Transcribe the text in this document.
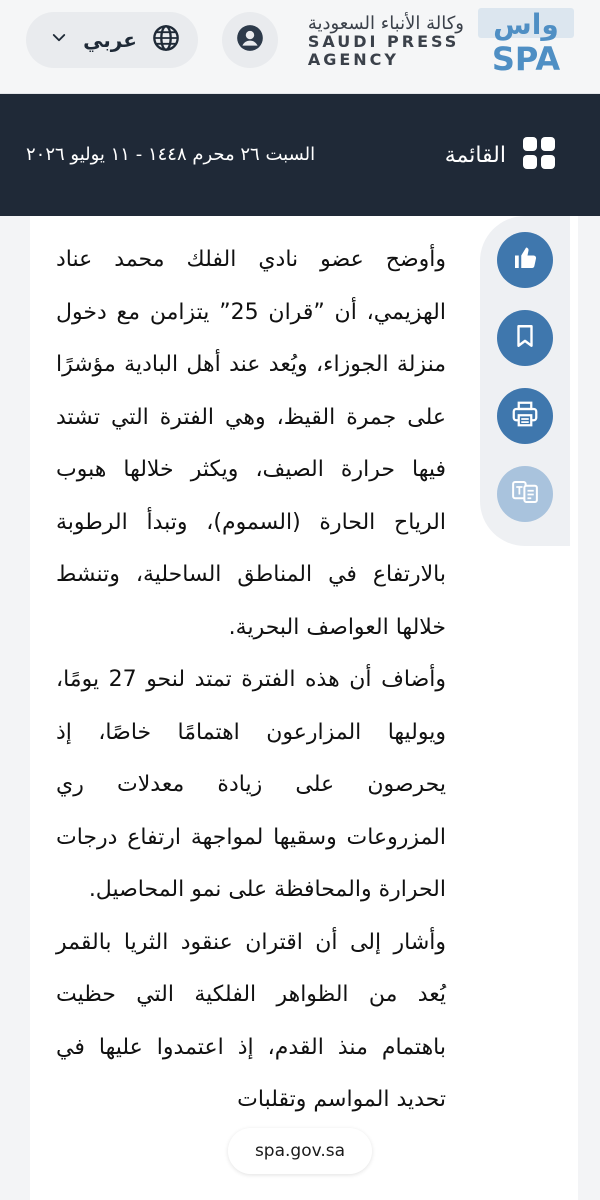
عربي
وكالة الأنباء السعودية
SAUDI PRESS
AGENCY
واس
SPA
القائمة
السبت ٢٦ محرم ١٤٤٨ - ١١ يوليو ٢٠٢٦

وأوضح عضو نادي الفلك محمد عناد الهزيمي، أن ”قران 25” يتزامن مع دخول منزلة الجوزاء، ويُعد عند أهل البادية مؤشرًا على جمرة القيظ، وهي الفترة التي تشتد فيها حرارة الصيف، ويكثر خلالها هبوب الرياح الحارة (السموم)، وتبدأ الرطوبة بالارتفاع في المناطق الساحلية، وتنشط خلالها العواصف البحرية.

وأضاف أن هذه الفترة تمتد لنحو 27 يومًا، ويوليها المزارعون اهتمامًا خاصًا، إذ يحرصون على زيادة معدلات ري المزروعات وسقيها لمواجهة ارتفاع درجات الحرارة والمحافظة على نمو المحاصيل.

وأشار إلى أن اقتران عنقود الثريا بالقمر يُعد من الظواهر الفلكية التي حظيت باهتمام منذ القدم، إذ اعتمدوا عليها في تحديد المواسم وتقلبات

spa.gov.sa
